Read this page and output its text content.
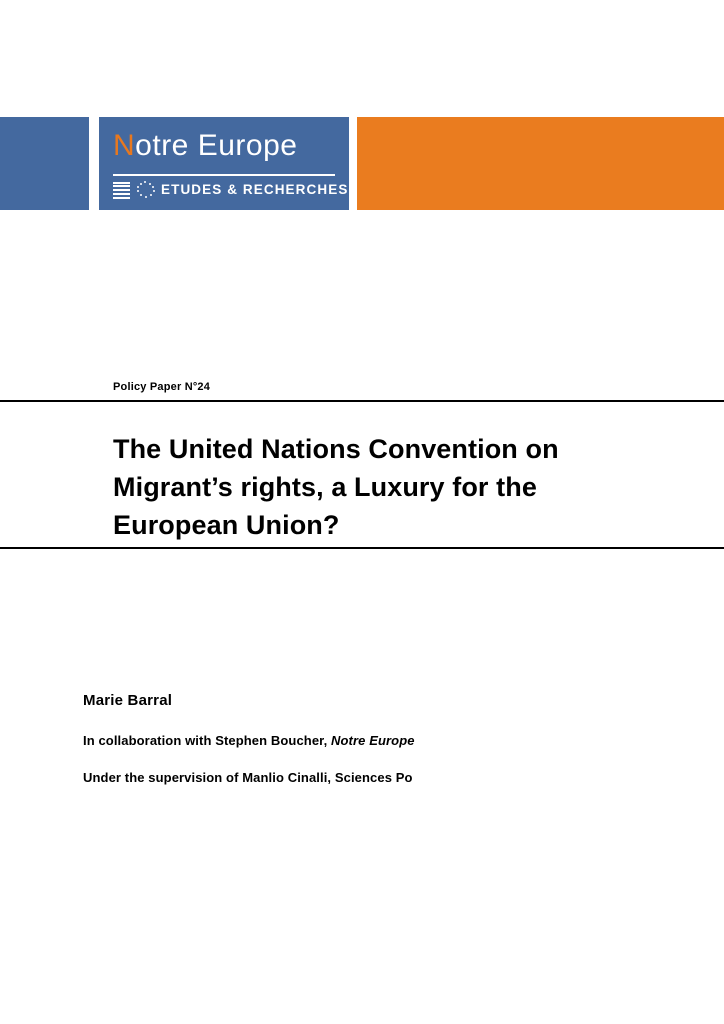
Notre Europe
ETUDES & RECHERCHES
Policy Paper N°24
The United Nations Convention on Migrant’s rights, a Luxury for the European Union?
Marie Barral
In collaboration with Stephen Boucher, Notre Europe
Under the supervision of Manlio Cinalli, Sciences Po
